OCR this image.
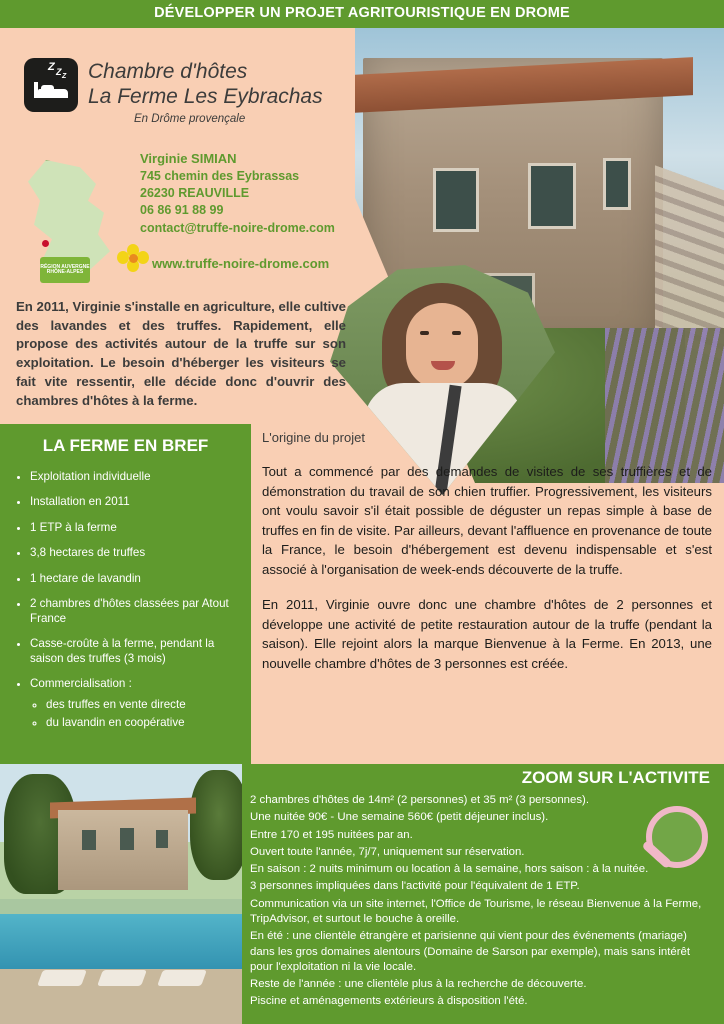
DÉVELOPPER UN PROJET AGRITOURISTIQUE EN DROME
Z Z Z Chambre d'hôtes
La Ferme Les Eybrachas
En Drôme provençale
RÉGION AUVERGNE RHÔNE-ALPES
Virginie SIMIAN
745 chemin des Eybrassas
26230 REAUVILLE
06 86 91 88 99
contact@truffe-noire-drome.com
www.truffe-noire-drome.com
En 2011, Virginie s'installe en agriculture, elle cultive des lavandes et des truffes. Rapidement, elle propose des activités autour de la truffe sur son exploitation. Le besoin d'héberger les visiteurs se fait vite ressentir, elle décide donc d'ouvrir des chambres d'hôtes à la ferme.
LA FERME EN BREF
• Exploitation individuelle
• Installation en 2011
• 1 ETP à la ferme
• 3,8 hectares de truffes
• 1 hectare de lavandin
• 2 chambres d'hôtes classées par Atout France
• Casse-croûte à la ferme, pendant la saison des truffes (3 mois)
• Commercialisation :
◦ des truffes en vente directe
◦ du lavandin en coopérative
L'origine du projet

Tout a commencé par des demandes de visites de ses truffières et de démonstration du travail de son chien truffier. Progressivement, les visiteurs ont voulu savoir s'il était possible de déguster un repas simple à base de truffes en fin de visite. Par ailleurs, devant l'affluence en provenance de toute la France, le besoin d'hébergement est devenu indispensable et s'est associé à l'organisation de week-ends découverte de la truffe.

En 2011, Virginie ouvre donc une chambre d'hôtes de 2 personnes et développe une activité de petite restauration autour de la truffe (pendant la saison). Elle rejoint alors la marque Bienvenue à la Ferme. En 2013, une nouvelle chambre d'hôtes de 3 personnes est créée.

ZOOM SUR L'ACTIVITE

2 chambres d'hôtes de 14m² (2 personnes) et 35 m² (3 personnes).

Une nuitée 90€ - Une semaine 560€ (petit déjeuner inclus).

Entre 170 et 195 nuitées par an.

Ouvert toute l'année, 7j/7, uniquement sur réservation.

En saison : 2 nuits minimum ou location à la semaine, hors saison : à la nuitée.

3 personnes impliquées dans l'activité pour l'équivalent de 1 ETP.

Communication via un site internet, l'Office de Tourisme, le réseau Bienvenue à la Ferme, TripAdvisor, et surtout le bouche à oreille.

En été : une clientèle étrangère et parisienne qui vient pour des événements (mariage) dans les gros domaines alentours (Domaine de Sarson par exemple), mais sans intérêt pour l'exploitation ni la vie locale.

Reste de l'année : une clientèle plus à la recherche de découverte.

Piscine et aménagements extérieurs à disposition l'été.
